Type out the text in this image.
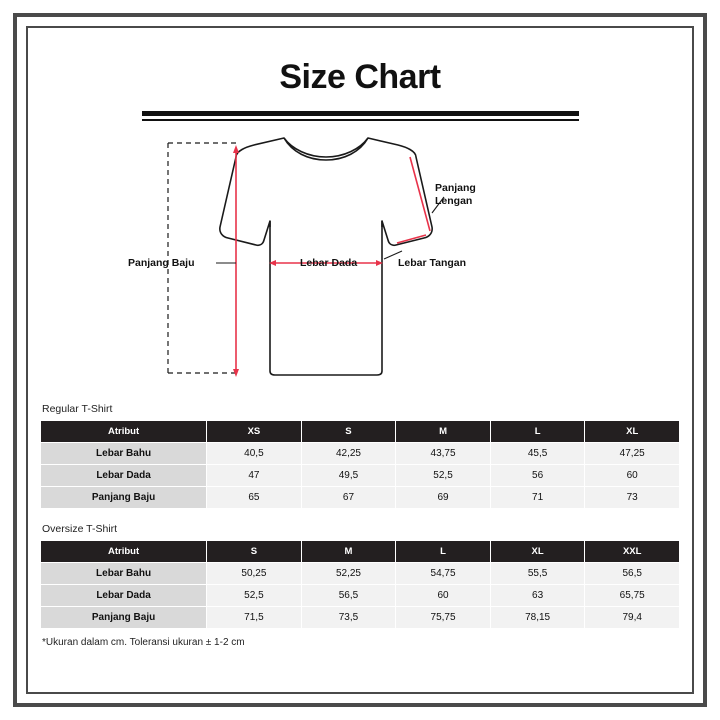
Size Chart
Panjang Baju	Lebar Dada	Lebar Tangan
Panjang
Lengan
Regular T-Shirt
Atribut	XS	S	M	L	XL
Lebar Bahu	40,5	42,25	43,75	45,5	47,25
Lebar Dada	47	49,5	52,5	56	60
Panjang Baju	65	67	69	71	73
Oversize T-Shirt
Atribut	S	M	L	XL	XXL
Lebar Bahu	50,25	52,25	54,75	55,5	56,5
Lebar Dada	52,5	56,5	60	63	65,75
Panjang Baju	71,5	73,5	75,75	78,15	79,4
*Ukuran dalam cm. Toleransi ukuran ± 1-2 cm
